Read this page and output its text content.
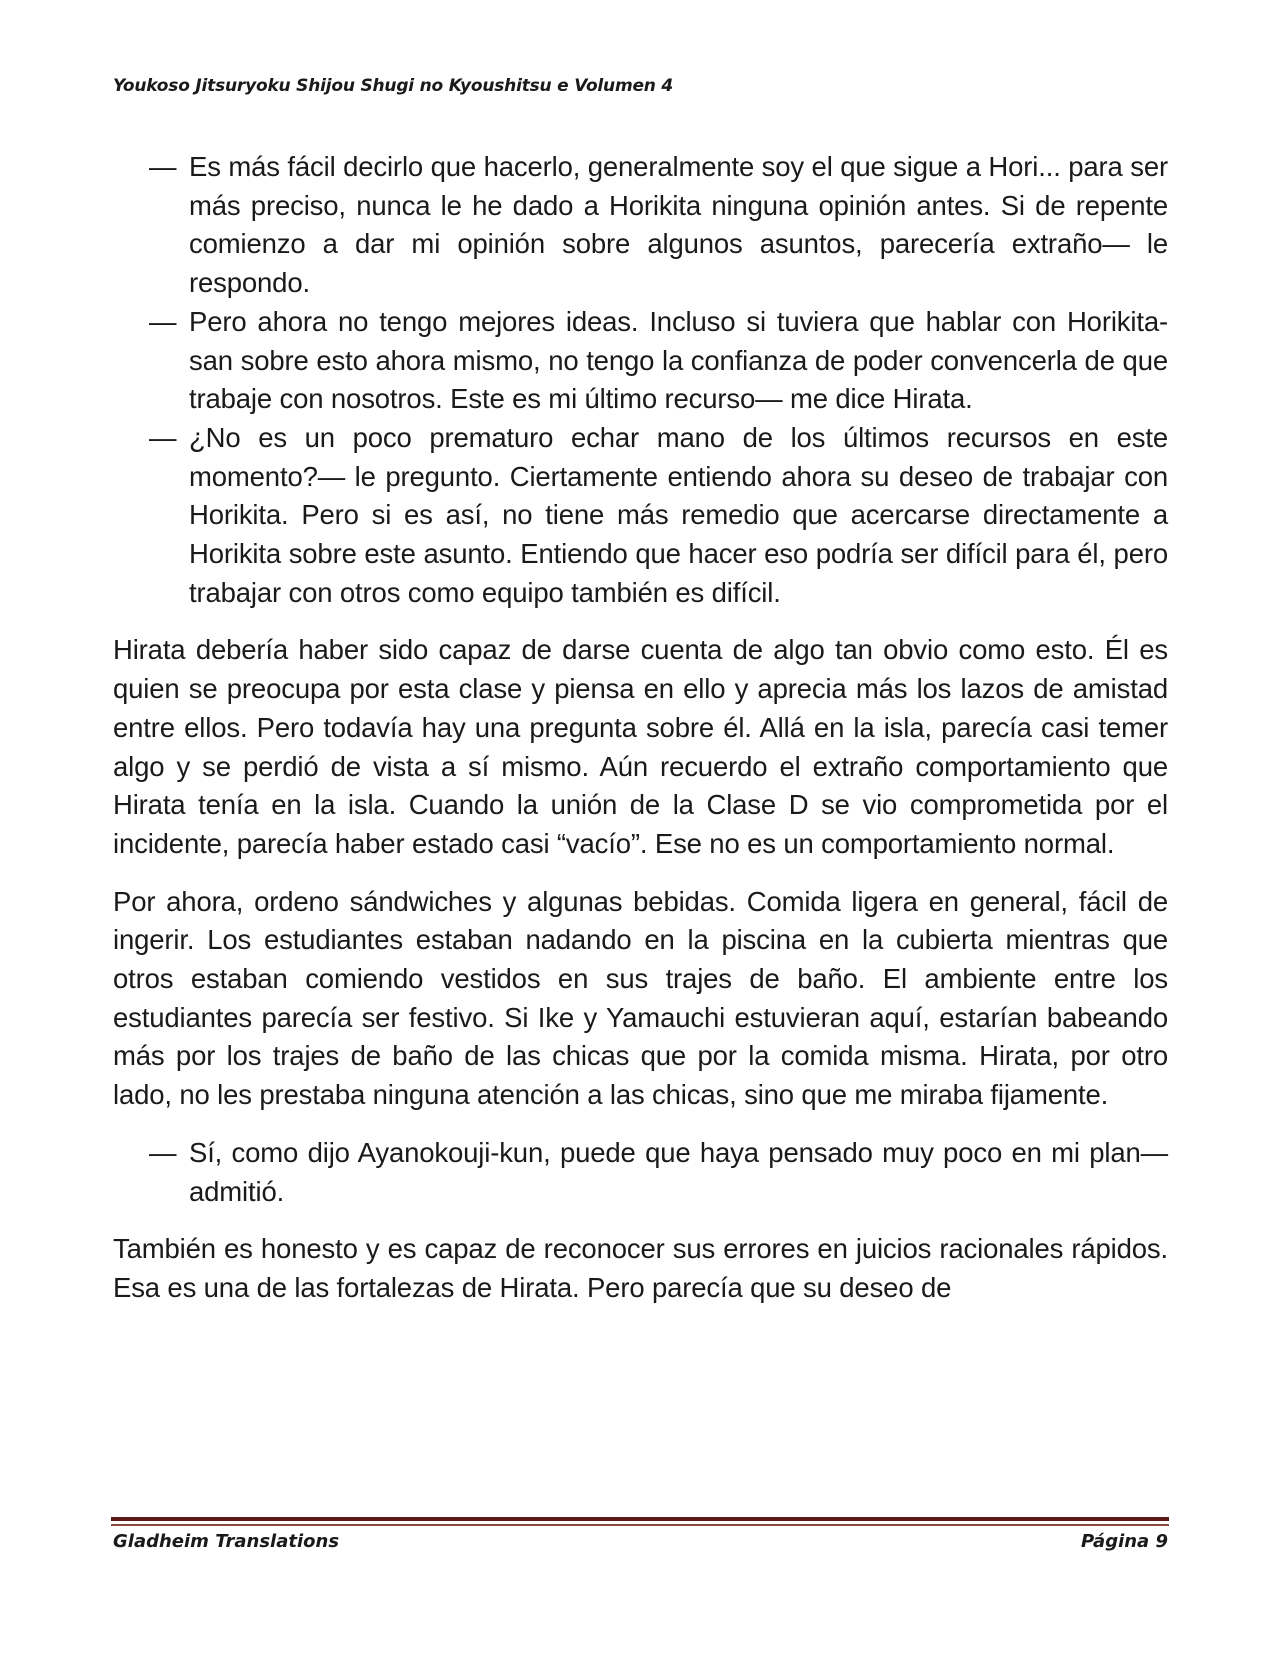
Youkoso Jitsuryoku Shijou Shugi no Kyoushitsu e Volumen 4

— Es más fácil decirlo que hacerlo, generalmente soy el que sigue a Hori... para ser más preciso, nunca le he dado a Horikita ninguna opinión antes. Si de repente comienzo a dar mi opinión sobre algunos asuntos, parecería extraño— le respondo.

— Pero ahora no tengo mejores ideas. Incluso si tuviera que hablar con Horikita-san sobre esto ahora mismo, no tengo la confianza de poder convencerla de que trabaje con nosotros. Este es mi último recurso— me dice Hirata.

— ¿No es un poco prematuro echar mano de los últimos recursos en este momento?— le pregunto. Ciertamente entiendo ahora su deseo de trabajar con Horikita. Pero si es así, no tiene más remedio que acercarse directamente a Horikita sobre este asunto. Entiendo que hacer eso podría ser difícil para él, pero trabajar con otros como equipo también es difícil.

Hirata debería haber sido capaz de darse cuenta de algo tan obvio como esto. Él es quien se preocupa por esta clase y piensa en ello y aprecia más los lazos de amistad entre ellos. Pero todavía hay una pregunta sobre él. Allá en la isla, parecía casi temer algo y se perdió de vista a sí mismo. Aún recuerdo el extraño comportamiento que Hirata tenía en la isla. Cuando la unión de la Clase D se vio comprometida por el incidente, parecía haber estado casi “vacío”. Ese no es un comportamiento normal.

Por ahora, ordeno sándwiches y algunas bebidas. Comida ligera en general, fácil de ingerir. Los estudiantes estaban nadando en la piscina en la cubierta mientras que otros estaban comiendo vestidos en sus trajes de baño. El ambiente entre los estudiantes parecía ser festivo. Si Ike y Yamauchi estuvieran aquí, estarían babeando más por los trajes de baño de las chicas que por la comida misma. Hirata, por otro lado, no les prestaba ninguna atención a las chicas, sino que me miraba fijamente.

— Sí, como dijo Ayanokouji-kun, puede que haya pensado muy poco en mi plan— admitió.

También es honesto y es capaz de reconocer sus errores en juicios racionales rápidos. Esa es una de las fortalezas de Hirata. Pero parecía que su deseo de

Gladheim Translations	Página 9
